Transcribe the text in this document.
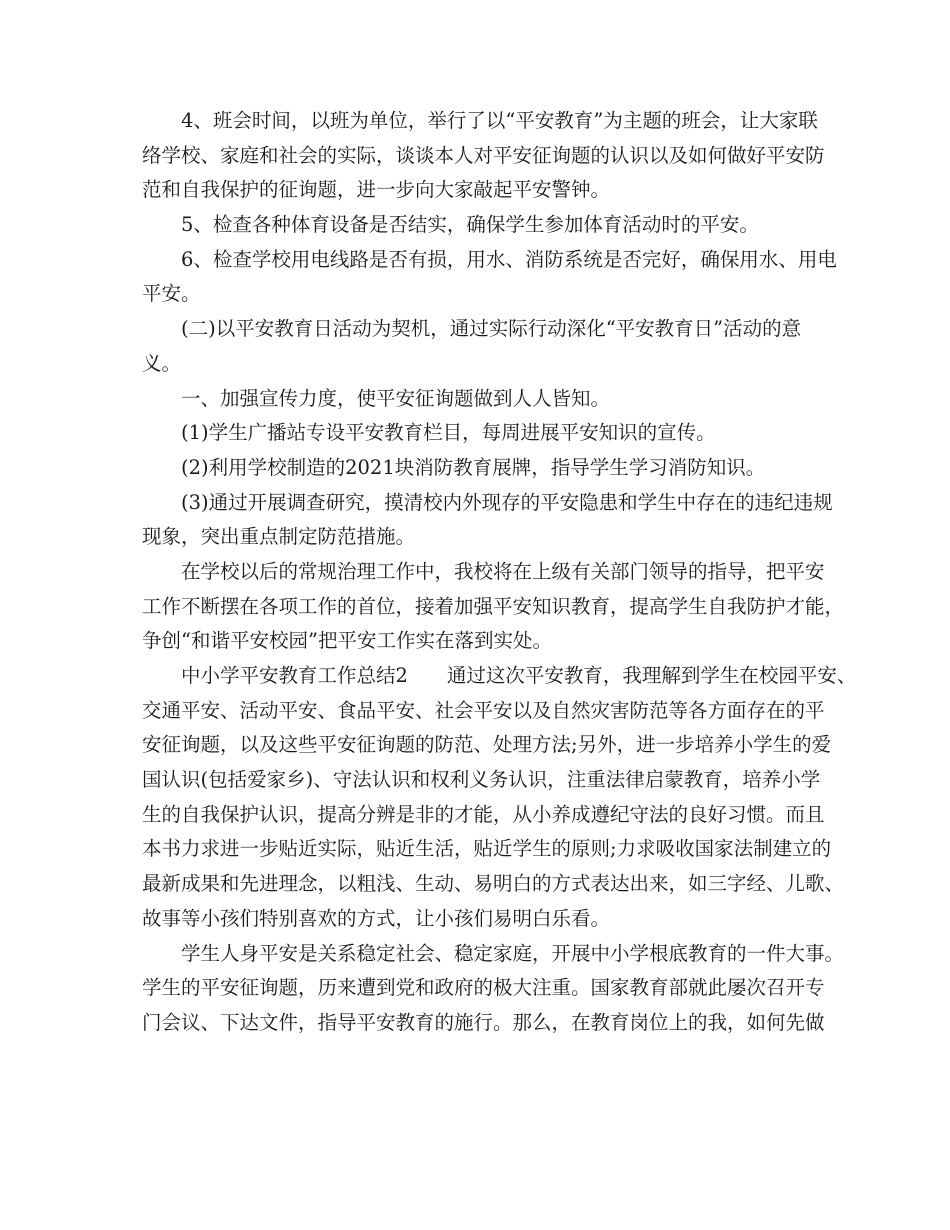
4、班会时间，以班为单位，举行了以“平安教育”为主题的班会，让大家联
络学校、家庭和社会的实际，谈谈本人对平安征询题的认识以及如何做好平安防
范和自我保护的征询题，进一步向大家敲起平安警钟。
5、检查各种体育设备是否结实，确保学生参加体育活动时的平安。
6、检查学校用电线路是否有损，用水、消防系统是否完好，确保用水、用电
平安。
(二)以平安教育日活动为契机，通过实际行动深化“平安教育日”活动的意
义。
一、加强宣传力度，使平安征询题做到人人皆知。
(1)学生广播站专设平安教育栏目，每周进展平安知识的宣传。
(2)利用学校制造的2021块消防教育展牌，指导学生学习消防知识。
(3)通过开展调查研究，摸清校内外现存的平安隐患和学生中存在的违纪违规
现象，突出重点制定防范措施。
在学校以后的常规治理工作中，我校将在上级有关部门领导的指导，把平安
工作不断摆在各项工作的首位，接着加强平安知识教育，提高学生自我防护才能，
争创“和谐平安校园”把平安工作实在落到实处。
中小学平安教育工作总结2　　通过这次平安教育，我理解到学生在校园平安、
交通平安、活动平安、食品平安、社会平安以及自然灾害防范等各方面存在的平
安征询题，以及这些平安征询题的防范、处理方法;另外，进一步培养小学生的爱
国认识(包括爱家乡)、守法认识和权利义务认识，注重法律启蒙教育，培养小学
生的自我保护认识，提高分辨是非的才能，从小养成遵纪守法的良好习惯。而且
本书力求进一步贴近实际，贴近生活，贴近学生的原则;力求吸收国家法制建立的
最新成果和先进理念，以粗浅、生动、易明白的方式表达出来，如三字经、儿歌、
故事等小孩们特别喜欢的方式，让小孩们易明白乐看。
学生人身平安是关系稳定社会、稳定家庭，开展中小学根底教育的一件大事。
学生的平安征询题，历来遭到党和政府的极大注重。国家教育部就此屡次召开专
门会议、下达文件，指导平安教育的施行。那么，在教育岗位上的我，如何先做
